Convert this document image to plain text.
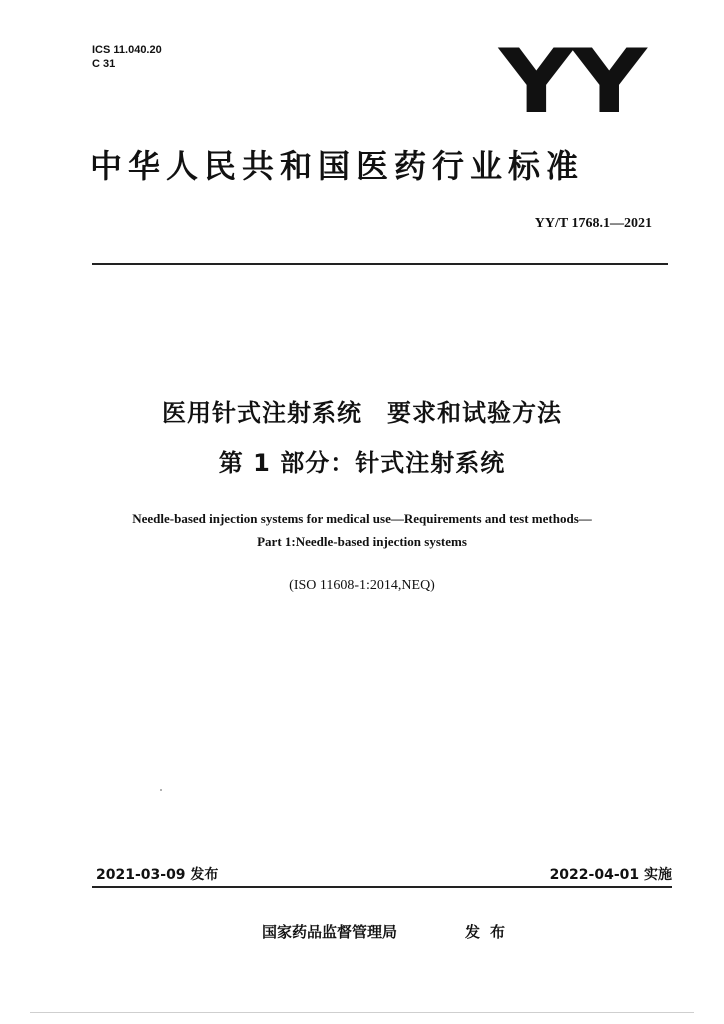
ICS 11.040.20
C 31	YY
中华人民共和国医药行业标准
YY/T 1768.1—2021
医用针式注射系统　要求和试验方法
第 1 部分：针式注射系统
Needle-based injection systems for medical use—Requirements and test methods—
Part 1:Needle-based injection systems
(ISO 11608-1:2014,NEQ)
2021-03-09 发布	2022-04-01 实施
国家药品监督管理局	发布
